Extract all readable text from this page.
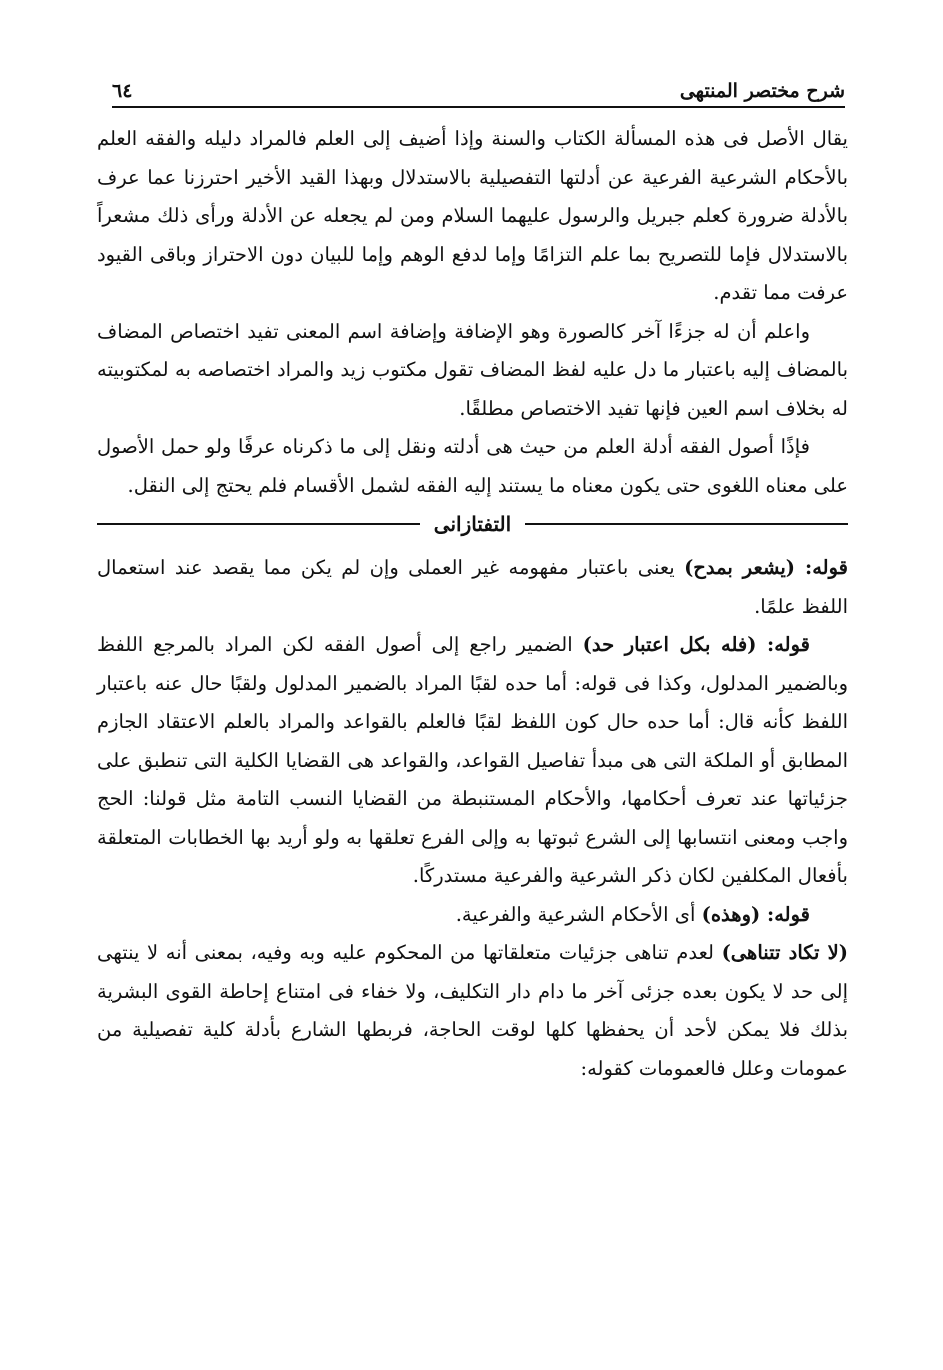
شرح مختصر المنتهى
٦٤

يقال الأصل فى هذه المسألة الكتاب والسنة وإذا أضيف إلى العلم فالمراد دليله والفقه العلم بالأحكام الشرعية الفرعية عن أدلتها التفصيلية بالاستدلال وبهذا القيد الأخير احترزنا عما عرف بالأدلة ضرورة كعلم جبريل والرسول عليهما السلام ومن لم يجعله عن الأدلة ورأى ذلك مشعراً بالاستدلال فإما للتصريح بما علم التزامًا وإما لدفع الوهم وإما للبيان دون الاحتراز وباقى القيود عرفت مما تقدم.

واعلم أن له جزءًا آخر كالصورة وهو الإضافة وإضافة اسم المعنى تفيد اختصاص المضاف بالمضاف إليه باعتبار ما دل عليه لفظ المضاف تقول مكتوب زيد والمراد اختصاصه به لمكتوبيته له بخلاف اسم العين فإنها تفيد الاختصاص مطلقًا.

فإذًا أصول الفقه أدلة العلم من حيث هى أدلته ونقل إلى ما ذكرناه عرفًا ولو حمل الأصول على معناه اللغوى حتى يكون معناه ما يستند إليه الفقه لشمل الأقسام فلم يحتج إلى النقل.

التفتازانى

قوله: (يشعر بمدح) يعنى باعتبار مفهومه غير العملى وإن لم يكن مما يقصد عند استعمال اللفظ علمًا.

قوله: (فله بكل اعتبار حد) الضمير راجع إلى أصول الفقه لكن المراد بالمرجع اللفظ وبالضمير المدلول، وكذا فى قوله: أما حده لقبًا المراد بالضمير المدلول ولقبًا حال عنه باعتبار اللفظ كأنه قال: أما حده حال كون اللفظ لقبًا فالعلم بالقواعد والمراد بالعلم الاعتقاد الجازم المطابق أو الملكة التى هى مبدأ تفاصيل القواعد، والقواعد هى القضايا الكلية التى تنطبق على جزئياتها عند تعرف أحكامها، والأحكام المستنبطة من القضايا النسب التامة مثل قولنا: الحج واجب ومعنى انتسابها إلى الشرع ثبوتها به وإلى الفرع تعلقها به ولو أريد بها الخطابات المتعلقة بأفعال المكلفين لكان ذكر الشرعية والفرعية مستدركًا.

قوله: (وهذه) أى الأحكام الشرعية والفرعية.

(لا تكاد تتناهى) لعدم تناهى جزئيات متعلقاتها من المحكوم عليه وبه وفيه، بمعنى أنه لا ينتهى إلى حد لا يكون بعده جزئى آخر ما دام دار التكليف، ولا خفاء فى امتناع إحاطة القوى البشرية بذلك فلا يمكن لأحد أن يحفظها كلها لوقت الحاجة، فربطها الشارع بأدلة كلية تفصيلية من عمومات وعلل فالعمومات كقوله:
